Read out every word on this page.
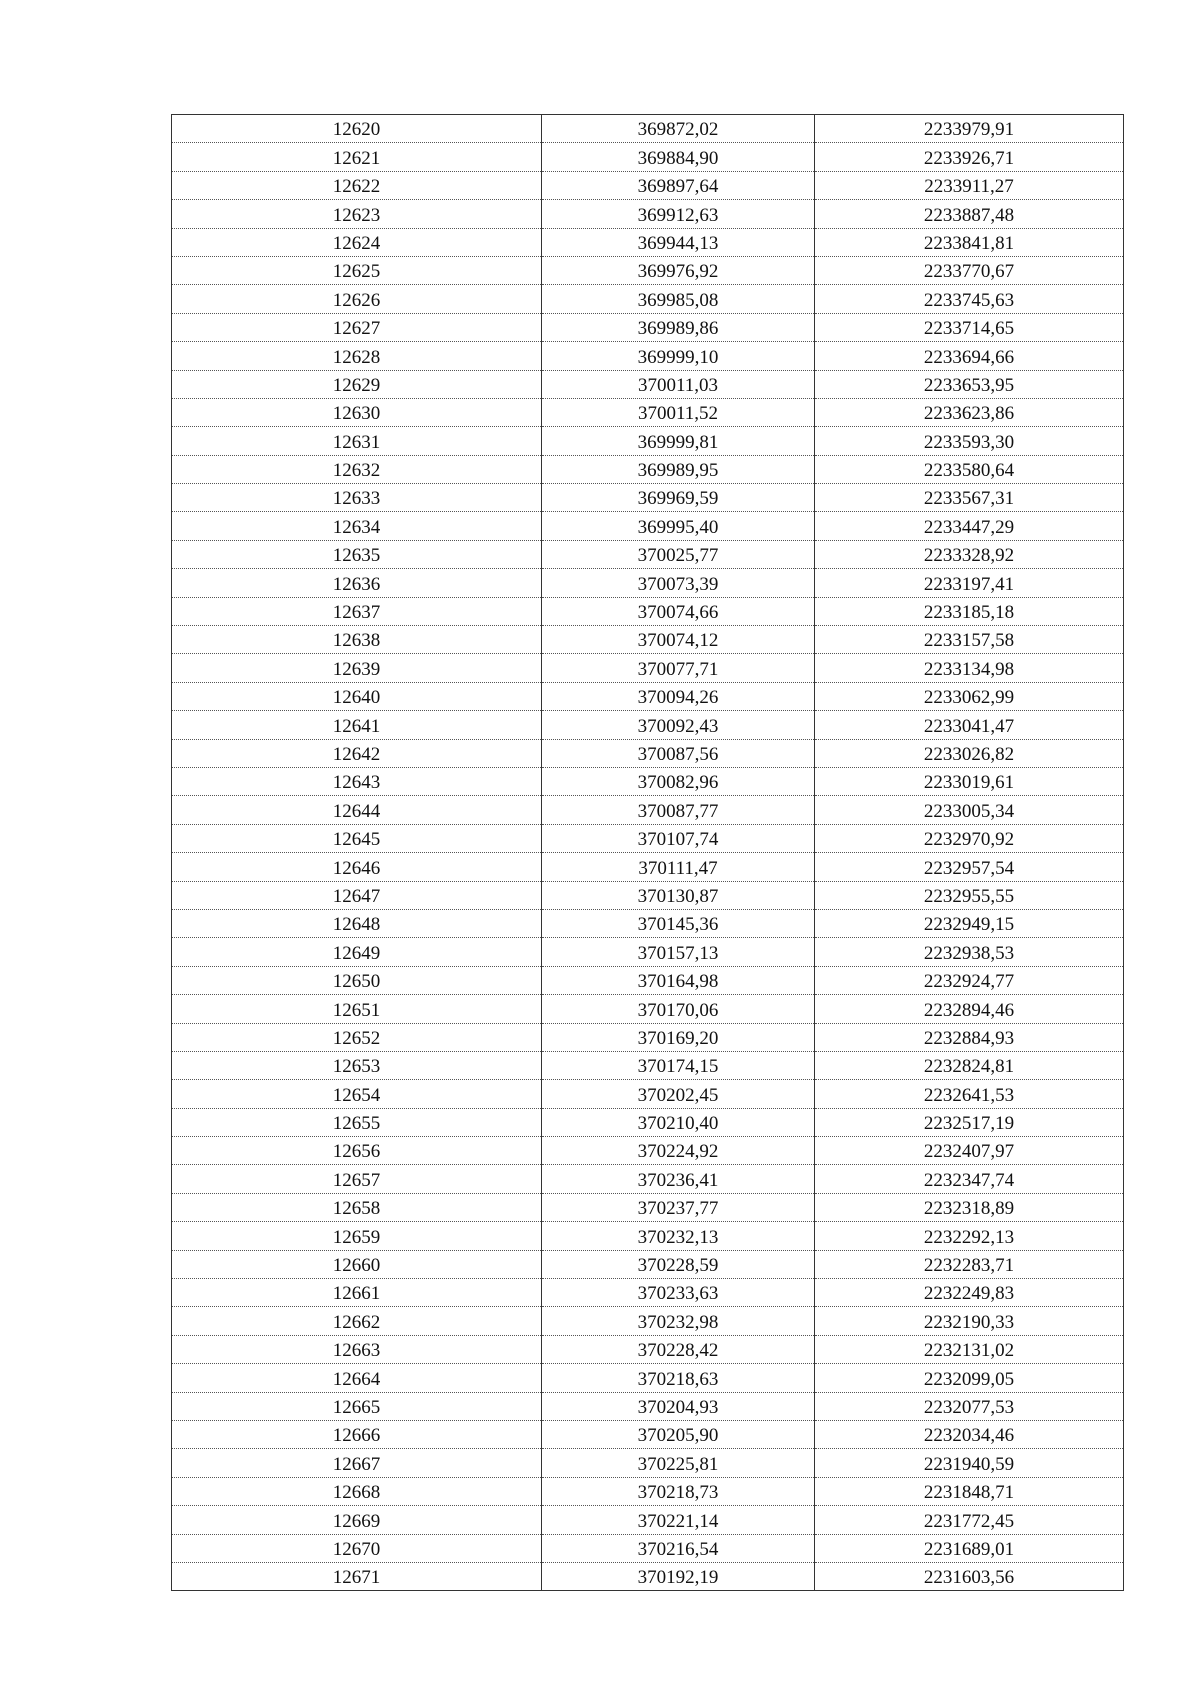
12620	369872,02	2233979,91
12621	369884,90	2233926,71
12622	369897,64	2233911,27
12623	369912,63	2233887,48
12624	369944,13	2233841,81
12625	369976,92	2233770,67
12626	369985,08	2233745,63
12627	369989,86	2233714,65
12628	369999,10	2233694,66
12629	370011,03	2233653,95
12630	370011,52	2233623,86
12631	369999,81	2233593,30
12632	369989,95	2233580,64
12633	369969,59	2233567,31
12634	369995,40	2233447,29
12635	370025,77	2233328,92
12636	370073,39	2233197,41
12637	370074,66	2233185,18
12638	370074,12	2233157,58
12639	370077,71	2233134,98
12640	370094,26	2233062,99
12641	370092,43	2233041,47
12642	370087,56	2233026,82
12643	370082,96	2233019,61
12644	370087,77	2233005,34
12645	370107,74	2232970,92
12646	370111,47	2232957,54
12647	370130,87	2232955,55
12648	370145,36	2232949,15
12649	370157,13	2232938,53
12650	370164,98	2232924,77
12651	370170,06	2232894,46
12652	370169,20	2232884,93
12653	370174,15	2232824,81
12654	370202,45	2232641,53
12655	370210,40	2232517,19
12656	370224,92	2232407,97
12657	370236,41	2232347,74
12658	370237,77	2232318,89
12659	370232,13	2232292,13
12660	370228,59	2232283,71
12661	370233,63	2232249,83
12662	370232,98	2232190,33
12663	370228,42	2232131,02
12664	370218,63	2232099,05
12665	370204,93	2232077,53
12666	370205,90	2232034,46
12667	370225,81	2231940,59
12668	370218,73	2231848,71
12669	370221,14	2231772,45
12670	370216,54	2231689,01
12671	370192,19	2231603,56
